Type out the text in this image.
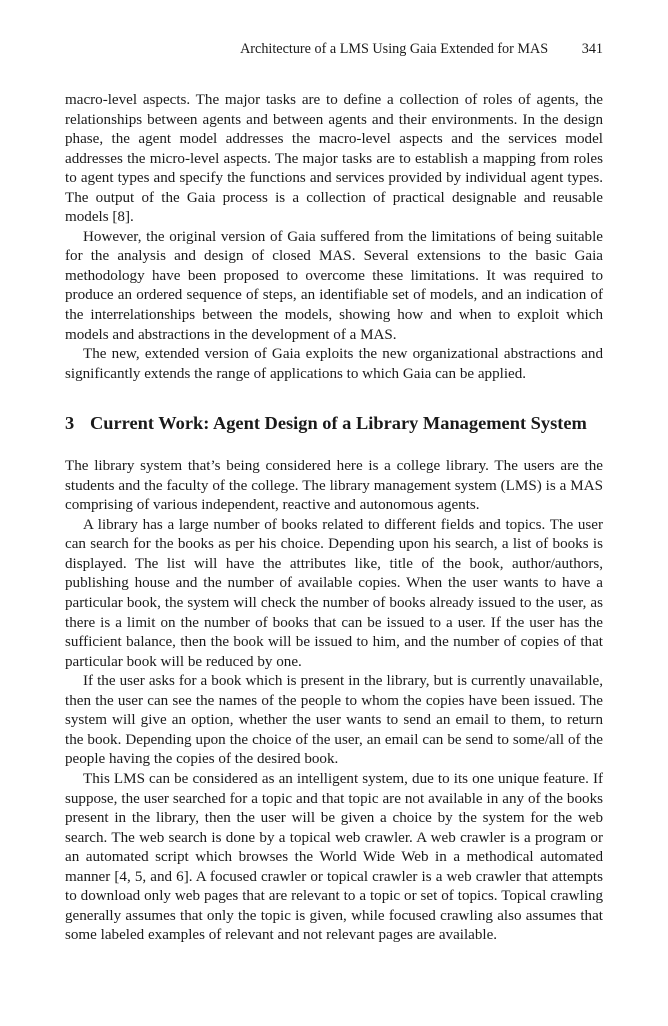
Architecture of a LMS Using Gaia Extended for MAS 341

macro-level aspects. The major tasks are to define a collection of roles of agents, the relationships between agents and between agents and their environments. In the design phase, the agent model addresses the macro-level aspects and the services model addresses the micro-level aspects. The major tasks are to establish a mapping from roles to agent types and specify the functions and services provided by individual agent types. The output of the Gaia process is a collection of practical designable and reusable models [8].

However, the original version of Gaia suffered from the limitations of being suitable for the analysis and design of closed MAS. Several extensions to the basic Gaia methodology have been proposed to overcome these limitations. It was required to produce an ordered sequence of steps, an identifiable set of models, and an indication of the interrelationships between the models, showing how and when to exploit which models and abstractions in the development of a MAS.

The new, extended version of Gaia exploits the new organizational abstractions and significantly extends the range of applications to which Gaia can be applied.

3 Current Work: Agent Design of a Library Management System

The library system that’s being considered here is a college library. The users are the students and the faculty of the college. The library management system (LMS) is a MAS comprising of various independent, reactive and autonomous agents.

A library has a large number of books related to different fields and topics. The user can search for the books as per his choice. Depending upon his search, a list of books is displayed. The list will have the attributes like, title of the book, author/authors, publishing house and the number of available copies. When the user wants to have a particular book, the system will check the number of books already issued to the user, as there is a limit on the number of books that can be issued to a user. If the user has the sufficient balance, then the book will be issued to him, and the number of copies of that particular book will be reduced by one.

If the user asks for a book which is present in the library, but is currently unavailable, then the user can see the names of the people to whom the copies have been issued. The system will give an option, whether the user wants to send an email to them, to return the book. Depending upon the choice of the user, an email can be send to some/all of the people having the copies of the desired book.

This LMS can be considered as an intelligent system, due to its one unique feature. If suppose, the user searched for a topic and that topic are not available in any of the books present in the library, then the user will be given a choice by the system for the web search. The web search is done by a topical web crawler. A web crawler is a program or an automated script which browses the World Wide Web in a methodical automated manner [4, 5, and 6]. A focused crawler or topical crawler is a web crawler that attempts to download only web pages that are relevant to a topic or set of topics. Topical crawling generally assumes that only the topic is given, while focused crawling also assumes that some labeled examples of relevant and not relevant pages are available.
